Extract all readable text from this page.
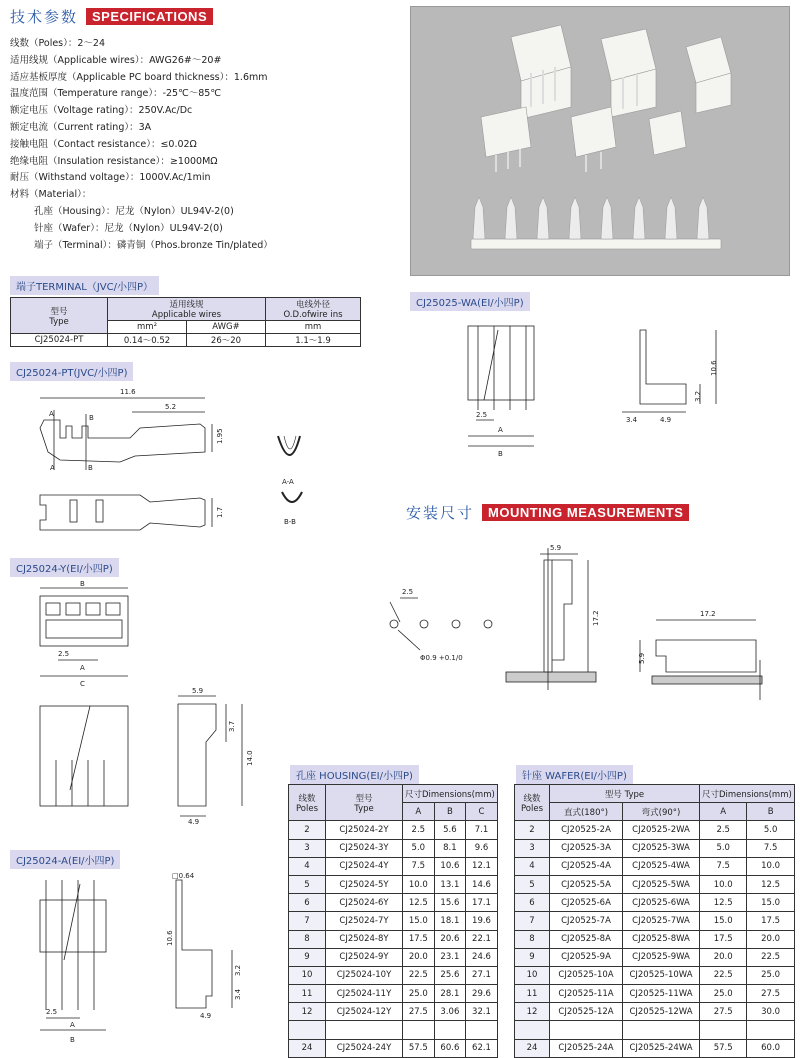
技术参数	SPECIFICATIONS
线数（Poles）：2～24
适用线规（Applicable wires）：AWG26#～20#
适应基板厚度（Applicable PC board thickness）：1.6mm
温度范围（Temperature range）：-25℃～85℃
额定电压（Voltage rating）：250V.Ac/Dc
额定电流（Current rating）：3A
接触电阻（Contact resistance）：≤0.02Ω
绝缘电阻（Insulation resistance）：≥1000MΩ
耐压（Withstand voltage）：1000V.Ac/1min
材料（Material）：
孔座（Housing）：尼龙（Nylon）UL94V-2(0)
针座（Wafer）：尼龙（Nylon）UL94V-2(0)
端子（Terminal）：磷青铜（Phos.bronze Tin/plated）
端子TERMINAL（JVC/小四P）
型号
Type	适用线规
Applicable wires		电线外径
O.D.ofwire ins
	mm²	AWG#	mm
CJ25024-PT	0.14～0.52	26～20	1.1～1.9
CJ25024-PT(JVC/小四P)
CJ25024-Y(EI/小四P)
CJ25024-A(EI/小四P)
CJ25025-WA(EI/小四P)
安装尺寸	MOUNTING MEASUREMENTS
11.6
5.2
1.95
1.7
A	B
A	B
A-A
B-B
B
2.5
A
C
5.9
3.7
14.0
4.9
□0.64
10.6
3.2
3.4
4.9
2.5
A
B
2.5
A
B
10.6
3.2
3.4	4.9
2.5
Φ0.9 +0.1/0
5.9
17.2	17.2
5.9
孔座 HOUSING(EI/小四P)
线数
Poles	型号
Type	尺寸Dimensions(mm)		
		A	B	C
2	CJ25024-2Y	2.5	5.6	7.1
3	CJ25024-3Y	5.0	8.1	9.6
4	CJ25024-4Y	7.5	10.6	12.1
5	CJ25024-5Y	10.0	13.1	14.6
6	CJ25024-6Y	12.5	15.6	17.1
7	CJ25024-7Y	15.0	18.1	19.6
8	CJ25024-8Y	17.5	20.6	22.1
9	CJ25024-9Y	20.0	23.1	24.6
10	CJ25024-10Y	22.5	25.6	27.1
11	CJ25024-11Y	25.0	28.1	29.6
12	CJ25024-12Y	27.5	3.06	32.1

24	CJ25024-24Y	57.5	60.6	62.1
针座 WAFER(EI/小四P)
线数
Poles	型号 Type		尺寸Dimensions(mm)	
	直式(180°)	弯式(90°)	A	B
2	CJ20525-2A	CJ20525-2WA	2.5	5.0
3	CJ20525-3A	CJ20525-3WA	5.0	7.5
4	CJ20525-4A	CJ20525-4WA	7.5	10.0
5	CJ20525-5A	CJ20525-5WA	10.0	12.5
6	CJ20525-6A	CJ20525-6WA	12.5	15.0
7	CJ20525-7A	CJ20525-7WA	15.0	17.5
8	CJ20525-8A	CJ20525-8WA	17.5	20.0
9	CJ20525-9A	CJ20525-9WA	20.0	22.5
10	CJ20525-10A	CJ20525-10WA	22.5	25.0
11	CJ20525-11A	CJ20525-11WA	25.0	27.5
12	CJ20525-12A	CJ20525-12WA	27.5	30.0

24	CJ20525-24A	CJ20525-24WA	57.5	60.0
